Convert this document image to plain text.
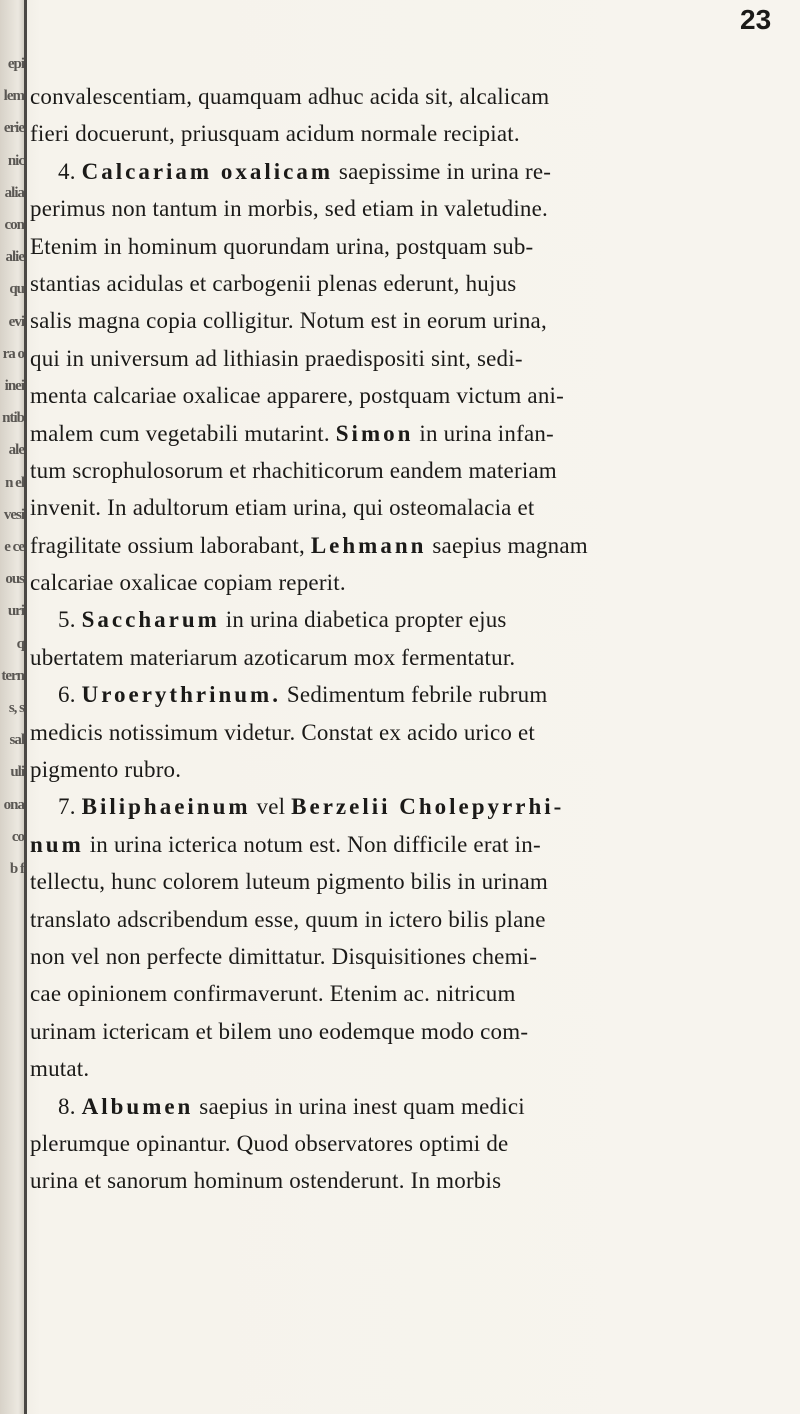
epi
lem
erie
nic
alia
con
alie
qu
evi
ra o
inei
ntib
ale
n el
vesi
e ce
ous
uri
q
tern
s, s
sal
uli
ona
co
b f
23
convalescentiam, quamquam adhuc acida sit, alcalicam
fieri docuerunt, priusquam acidum normale recipiat.
4. Calcariam oxalicam saepissime in urina re-
perimus non tantum in morbis, sed etiam in valetudine.
Etenim in hominum quorundam urina, postquam sub-
stantias acidulas et carbogenii plenas ederunt, hujus
salis magna copia colligitur. Notum est in eorum urina,
qui in universum ad lithiasin praedispositi sint, sedi-
menta calcariae oxalicae apparere, postquam victum ani-
malem cum vegetabili mutarint. Simon in urina infan-
tum scrophulosorum et rhachiticorum eandem materiam
invenit. In adultorum etiam urina, qui osteomalacia et
fragilitate ossium laborabant, Lehmann saepius magnam
calcariae oxalicae copiam reperit.
5. Saccharum in urina diabetica propter ejus
ubertatem materiarum azoticarum mox fermentatur.
6. Uroerythrinum. Sedimentum febrile rubrum
medicis notissimum videtur. Constat ex acido urico et
pigmento rubro.
7. Biliphaeinum vel Berzelii Cholepyrrhi-
num in urina icterica notum est. Non difficile erat in-
tellectu, hunc colorem luteum pigmento bilis in urinam
translato adscribendum esse, quum in ictero bilis plane
non vel non perfecte dimittatur. Disquisitiones chemi-
cae opinionem confirmaverunt. Etenim ac. nitricum
urinam ictericam et bilem uno eodemque modo com-
mutat.
8. Albumen saepius in urina inest quam medici
plerumque opinantur. Quod observatores optimi de
urina et sanorum hominum ostenderunt. In morbis
